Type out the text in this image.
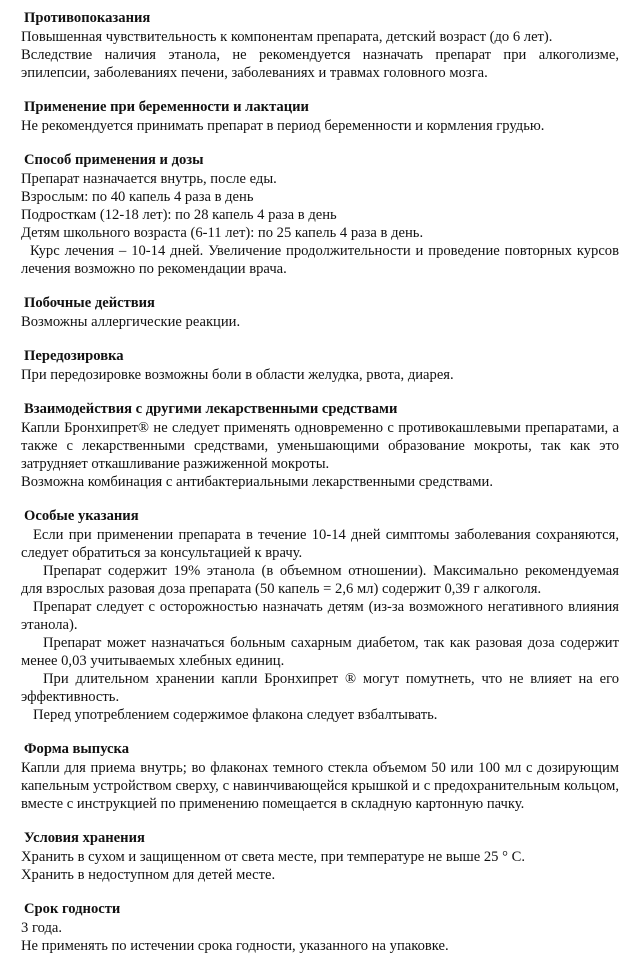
Противопоказания

Повышенная чувствительность к компонентам препарата, детский возраст (до 6 лет).

Вследствие наличия этанола, не рекомендуется назначать препарат при алкоголизме, эпилепсии, заболеваниях печени, заболеваниях и травмах головного мозга.

Применение при беременности и лактации

Не рекомендуется принимать препарат в период беременности и кормления грудью.

Способ применения и дозы

Препарат назначается внутрь, после еды.

Взрослым: по 40 капель 4 раза в день

Подросткам (12-18 лет): по 28 капель 4 раза в день

Детям школьного возраста (6-11 лет): по 25 капель 4 раза в день.

Курс лечения – 10-14 дней. Увеличение продолжительности и проведение повторных курсов лечения возможно по рекомендации врача.

Побочные действия

Возможны аллергические реакции.

Передозировка

При передозировке возможны боли в области желудка, рвота, диарея.

Взаимодействия с другими лекарственными средствами

Капли Бронхипрет® не следует применять одновременно с противокашлевыми препаратами, а также с лекарственными средствами, уменьшающими образование мокроты, так как это затрудняет откашливание разжиженной мокроты.

Возможна комбинация с антибактериальными лекарственными средствами.

Особые указания

Если при применении препарата в течение 10-14 дней симптомы заболевания сохраняются, следует обратиться за консультацией к врачу.

Препарат содержит 19% этанола (в объемном отношении). Максимально рекомендуемая для взрослых разовая доза препарата (50 капель = 2,6 мл) содержит 0,39 г алкоголя.

Препарат следует с осторожностью назначать детям (из-за возможного негативного влияния этанола).

Препарат может назначаться больным сахарным диабетом, так как разовая доза содержит менее 0,03 учитываемых хлебных единиц.

При длительном хранении капли Бронхипрет ® могут помутнеть, что не влияет на его эффективность.

Перед употреблением содержимое флакона следует взбалтывать.

Форма выпуска

Капли для приема внутрь; во флаконах темного стекла объемом 50 или 100 мл с дозирующим капельным устройством сверху, с навинчивающейся крышкой и с предохранительным кольцом, вместе с инструкцией по применению помещается в складную картонную пачку.

Условия хранения

Хранить в сухом и защищенном от света месте, при температуре не выше 25 ° С.

Хранить в недоступном для детей месте.

Срок годности

3 года.

Не применять по истечении срока годности, указанного на упаковке.
